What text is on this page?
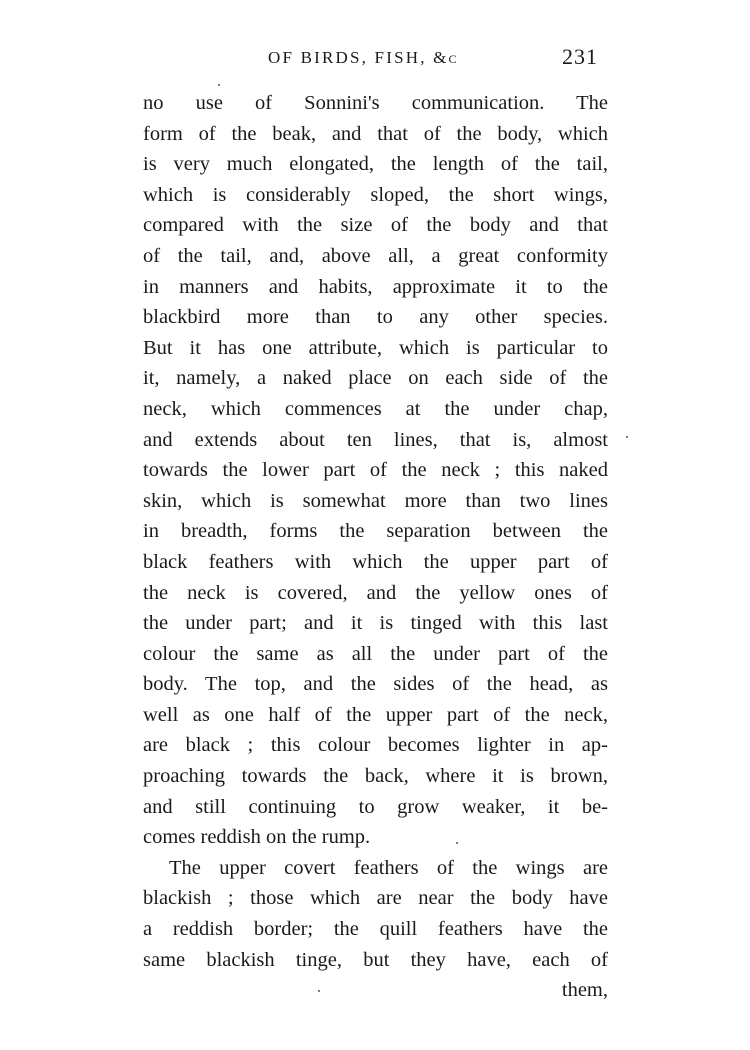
OF BIRDS, FISH, &c	231
no use of Sonnini's communication. The
form of the beak, and that of the body, which
is very much elongated, the length of the tail,
which is considerably sloped, the short wings,
compared with the size of the body and that
of the tail, and, above all, a great conformity
in manners and habits, approximate it to the
blackbird more than to any other species.
But it has one attribute, which is particular to
it, namely, a naked place on each side of the
neck, which commences at the under chap,
and extends about ten lines, that is, almost
towards the lower part of the neck ; this naked
skin, which is somewhat more than two lines
in breadth, forms the separation between the
black feathers with which the upper part of
the neck is covered, and the yellow ones of
the under part; and it is tinged with this last
colour the same as all the under part of the
body. The top, and the sides of the head, as
well as one half of the upper part of the neck,
are black ; this colour becomes lighter in ap-
proaching towards the back, where it is brown,
and still continuing to grow weaker, it be-
comes reddish on the rump.
The upper covert feathers of the wings are
blackish ; those which are near the body have
a reddish border; the quill feathers have the
same blackish tinge, but they have, each of
them,
